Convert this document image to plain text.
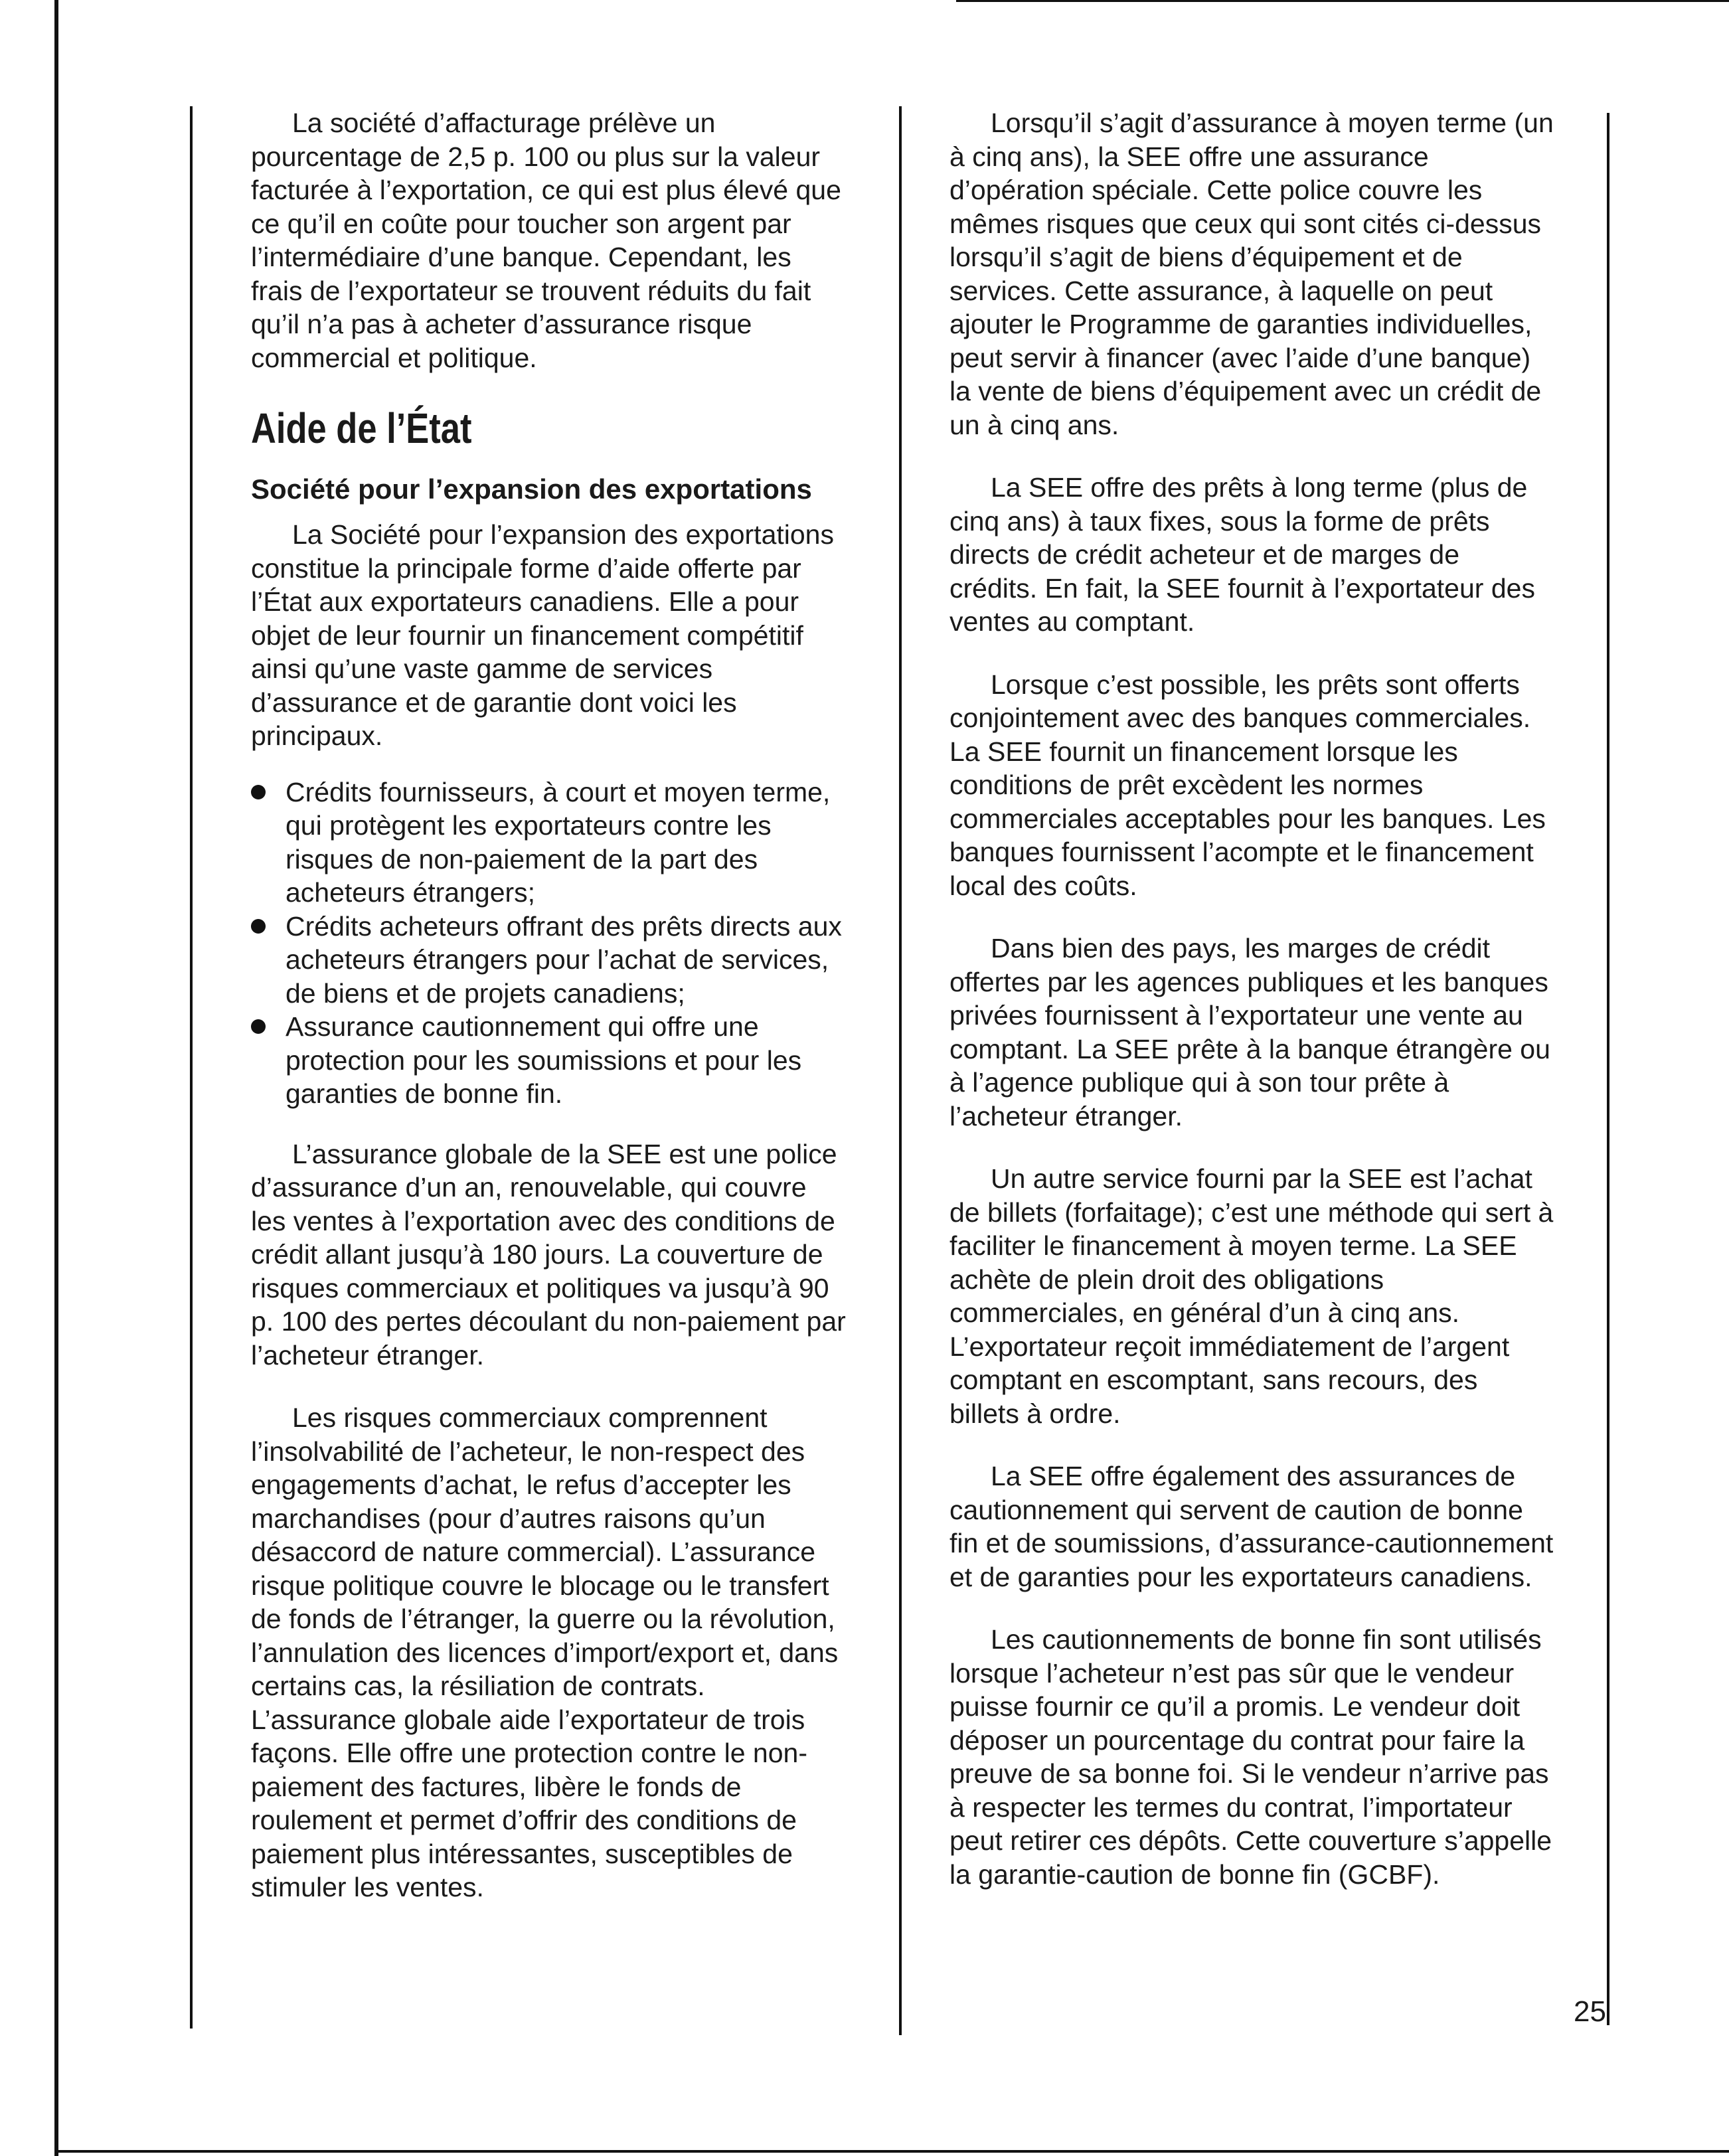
La société d’affacturage prélève un pourcentage de 2,5 p. 100 ou plus sur la valeur facturée à l’exportation, ce qui est plus élevé que ce qu’il en coûte pour toucher son argent par l’intermédiaire d’une banque. Cependant, les frais de l’exportateur se trouvent réduits du fait qu’il n’a pas à acheter d’assurance risque commercial et politique.

Aide de l’État
Société pour l’expansion des exportations

La Société pour l’expansion des exportations constitue la principale forme d’aide offerte par l’État aux exportateurs canadiens. Elle a pour objet de leur fournir un financement compétitif ainsi qu’une vaste gamme de services d’assurance et de garantie dont voici les principaux.

Crédits fournisseurs, à court et moyen terme, qui protègent les exportateurs contre les risques de non-paiement de la part des acheteurs étrangers;
Crédits acheteurs offrant des prêts directs aux acheteurs étrangers pour l’achat de services, de biens et de projets canadiens;
Assurance cautionnement qui offre une protection pour les soumissions et pour les garanties de bonne fin.

L’assurance globale de la SEE est une police d’assurance d’un an, renouvelable, qui couvre les ventes à l’exportation avec des conditions de crédit allant jusqu’à 180 jours. La couverture de risques commerciaux et politiques va jusqu’à 90 p. 100 des pertes découlant du non-paiement par l’acheteur étranger.

Les risques commerciaux comprennent l’insolvabilité de l’acheteur, le non-respect des engagements d’achat, le refus d’accepter les marchandises (pour d’autres raisons qu’un désaccord de nature commercial). L’assurance risque politique couvre le blocage ou le transfert de fonds de l’étranger, la guerre ou la révolution, l’annulation des licences d’import/export et, dans certains cas, la résiliation de contrats. L’assurance globale aide l’exportateur de trois façons. Elle offre une protection contre le non-paiement des factures, libère le fonds de roulement et permet d’offrir des conditions de paiement plus intéressantes, susceptibles de stimuler les ventes.

Lorsqu’il s’agit d’assurance à moyen terme (un à cinq ans), la SEE offre une assurance d’opération spéciale. Cette police couvre les mêmes risques que ceux qui sont cités ci-dessus lorsqu’il s’agit de biens d’équipement et de services. Cette assurance, à laquelle on peut ajouter le Programme de garanties individuelles, peut servir à financer (avec l’aide d’une banque) la vente de biens d’équipement avec un crédit de un à cinq ans.

La SEE offre des prêts à long terme (plus de cinq ans) à taux fixes, sous la forme de prêts directs de crédit acheteur et de marges de crédits. En fait, la SEE fournit à l’exportateur des ventes au comptant.

Lorsque c’est possible, les prêts sont offerts conjointement avec des banques commerciales. La SEE fournit un financement lorsque les conditions de prêt excèdent les normes commerciales acceptables pour les banques. Les banques fournissent l’acompte et le financement local des coûts.

Dans bien des pays, les marges de crédit offertes par les agences publiques et les banques privées fournissent à l’exportateur une vente au comptant. La SEE prête à la banque étrangère ou à l’agence publique qui à son tour prête à l’acheteur étranger.

Un autre service fourni par la SEE est l’achat de billets (forfaitage); c’est une méthode qui sert à faciliter le financement à moyen terme. La SEE achète de plein droit des obligations commerciales, en général d’un à cinq ans. L’exportateur reçoit immédiatement de l’argent comptant en escomptant, sans recours, des billets à ordre.

La SEE offre également des assurances de cautionnement qui servent de caution de bonne fin et de soumissions, d’assurance-cautionnement et de garanties pour les exportateurs canadiens.

Les cautionnements de bonne fin sont utilisés lorsque l’acheteur n’est pas sûr que le vendeur puisse fournir ce qu’il a promis. Le vendeur doit déposer un pourcentage du contrat pour faire la preuve de sa bonne foi. Si le vendeur n’arrive pas à respecter les termes du contrat, l’importateur peut retirer ces dépôts. Cette couverture s’appelle la garantie-caution de bonne fin (GCBF).

25
